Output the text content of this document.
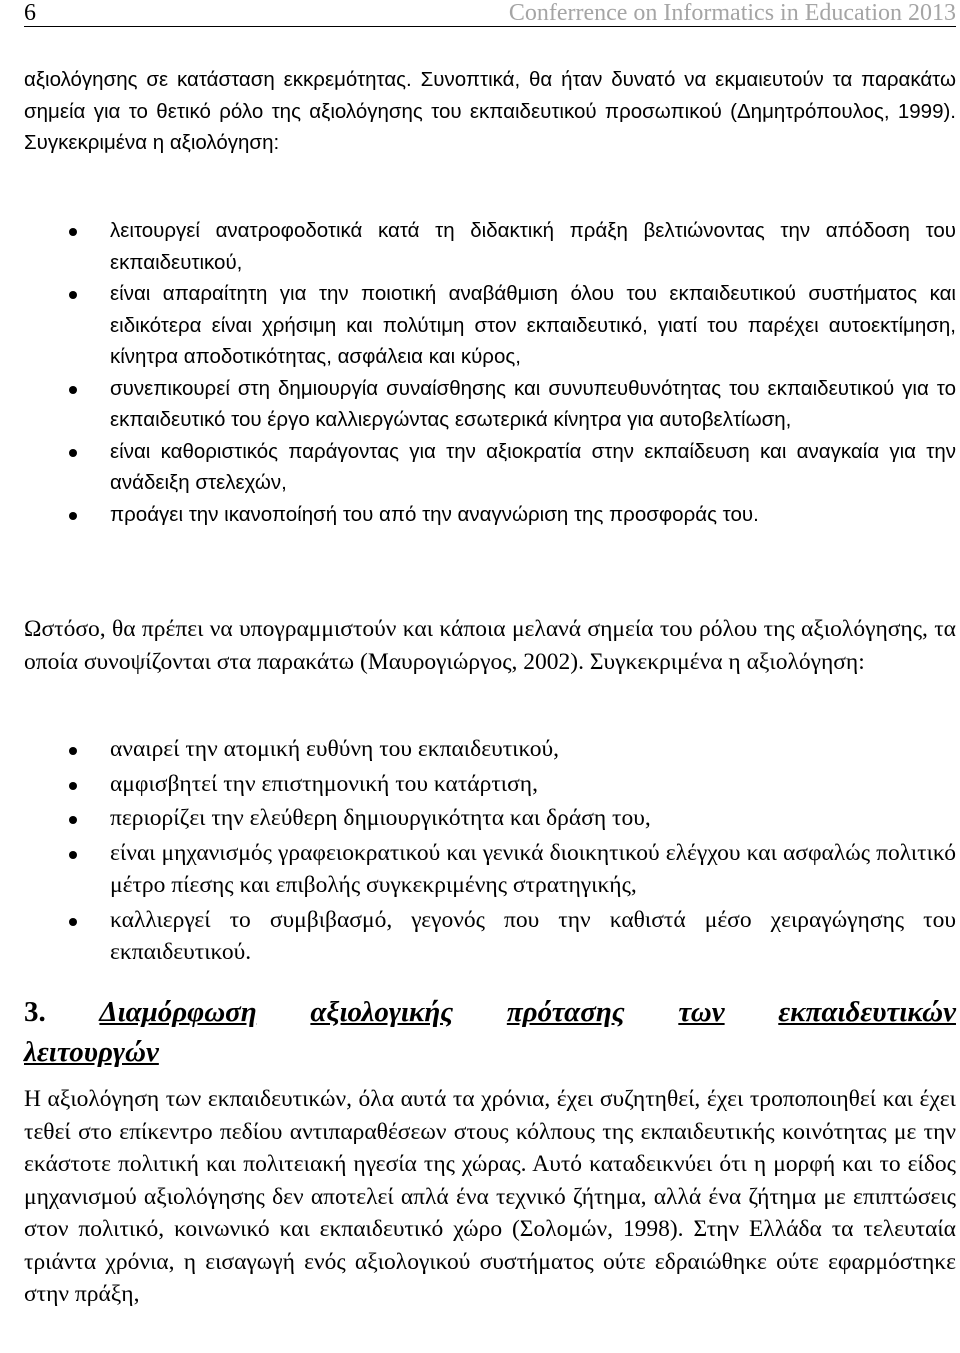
6	Conferrence on Informatics in Education 2013

αξιολόγησης σε κατάσταση εκκρεμότητας. Συνοπτικά, θα ήταν δυνατό να εκμαιευτούν τα παρακάτω σημεία για το θετικό ρόλο της αξιολόγησης του εκπαιδευτικού προσωπικού (Δημητρόπουλος, 1999). Συγκεκριμένα η αξιολόγηση:

λειτουργεί ανατροφοδοτικά κατά τη διδακτική πράξη βελτιώνοντας την απόδοση του εκπαιδευτικού,
είναι απαραίτητη για την ποιοτική αναβάθμιση όλου του εκπαιδευτικού συστήματος και ειδικότερα είναι χρήσιμη και πολύτιμη στον εκπαιδευτικό, γιατί του παρέχει αυτοεκτίμηση, κίνητρα αποδοτικότητας, ασφάλεια και κύρος,
συνεπικουρεί στη δημιουργία συναίσθησης και συνυπευθυνότητας του εκπαιδευτικού για το εκπαιδευτικό του έργο καλλιεργώντας εσωτερικά κίνητρα για αυτοβελτίωση,
είναι καθοριστικός παράγοντας για την αξιοκρατία στην εκπαίδευση και αναγκαία για την ανάδειξη στελεχών,
προάγει την ικανοποίησή του από την αναγνώριση της προσφοράς του.

Ωστόσο, θα πρέπει να υπογραμμιστούν και κάποια μελανά σημεία του ρόλου της αξιολόγησης, τα οποία συνοψίζονται στα παρακάτω (Μαυρογιώργος, 2002). Συγκεκριμένα η αξιολόγηση:

αναιρεί την ατομική ευθύνη του εκπαιδευτικού,
αμφισβητεί την επιστημονική του κατάρτιση,
περιορίζει την ελεύθερη δημιουργικότητα και δράση του,
είναι μηχανισμός γραφειοκρατικού και γενικά διοικητικού ελέγχου και ασφαλώς πολιτικό μέτρο πίεσης και επιβολής συγκεκριμένης στρατηγικής,
καλλιεργεί το συμβιβασμό, γεγονός που την καθιστά μέσο χειραγώγησης του εκπαιδευτικού.
3. Διαμόρφωση αξιολογικής πρότασης των εκπαιδευτικών
λειτουργών

Η αξιολόγηση των εκπαιδευτικών, όλα αυτά τα χρόνια, έχει συζητηθεί, έχει τροποποιηθεί και έχει τεθεί στο επίκεντρο πεδίου αντιπαραθέσεων στους κόλπους της εκπαιδευτικής κοινότητας με την εκάστοτε πολιτική και πολιτειακή ηγεσία της χώρας. Αυτό καταδεικνύει ότι η μορφή και το είδος μηχανισμού αξιολόγησης δεν αποτελεί απλά ένα τεχνικό ζήτημα, αλλά ένα ζήτημα με επιπτώσεις στον πολιτικό, κοινωνικό και εκπαιδευτικό χώρο (Σολομών, 1998). Στην Ελλάδα τα τελευταία τριάντα χρόνια, η εισαγωγή ενός αξιολογικού συστήματος ούτε εδραιώθηκε ούτε εφαρμόστηκε στην πράξη,
